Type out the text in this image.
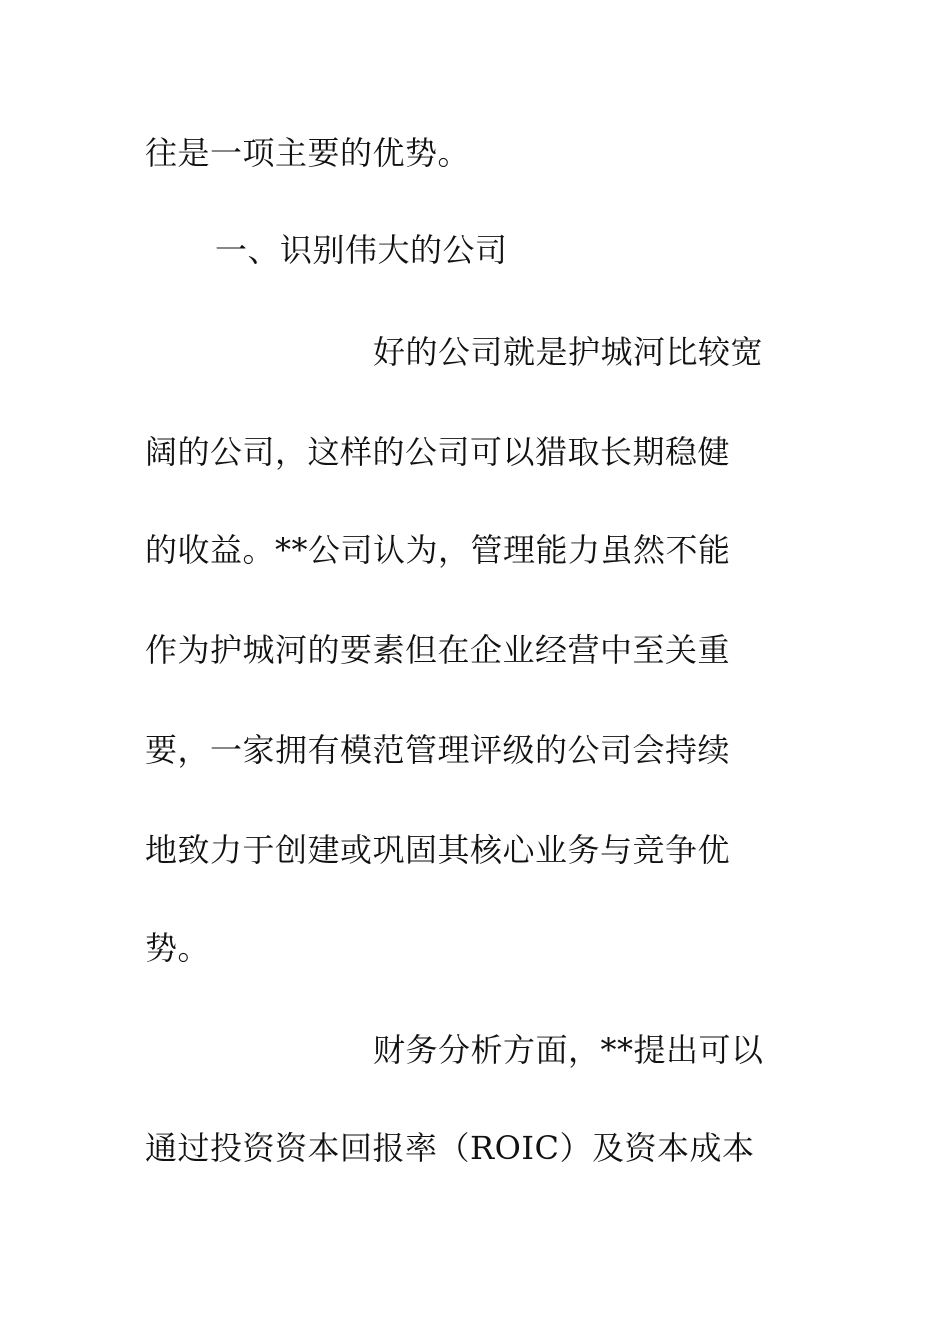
往是一项主要的优势。
一、识别伟大的公司
好的公司就是护城河比较宽
阔的公司，这样的公司可以猎取长期稳健
的收益。**公司认为，管理能力虽然不能
作为护城河的要素但在企业经营中至关重
要，一家拥有模范管理评级的公司会持续
地致力于创建或巩固其核心业务与竞争优
势。
财务分析方面，**提出可以
通过投资资本回报率（ROIC）及资本成本
